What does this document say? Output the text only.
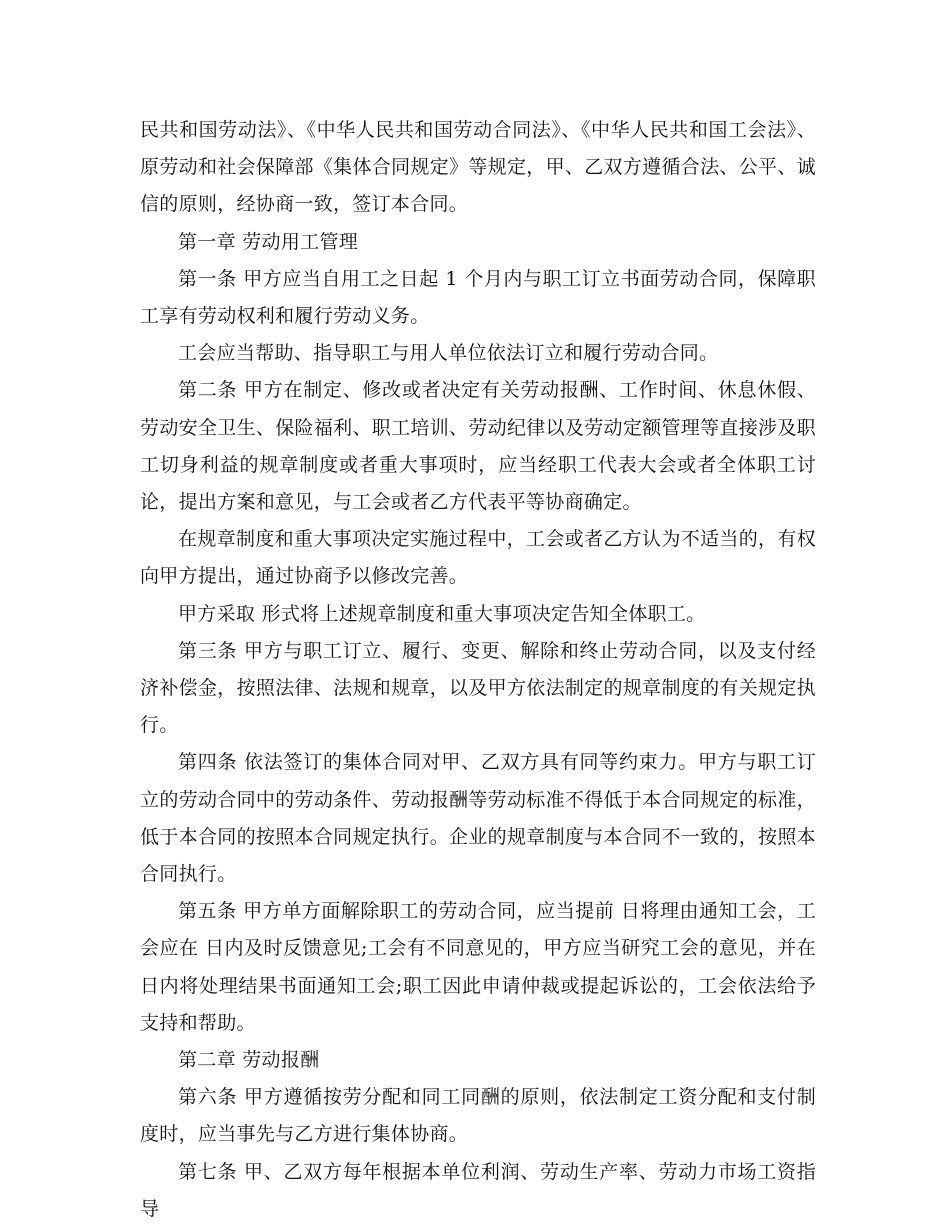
民共和国劳动法》、《中华人民共和国劳动合同法》、《中华人民共和国工会法》、原劳动和社会保障部《集体合同规定》等规定，甲、乙双方遵循合法、公平、诚信的原则，经协商一致，签订本合同。

第一章 劳动用工管理

第一条 甲方应当自用工之日起 1 个月内与职工订立书面劳动合同，保障职工享有劳动权利和履行劳动义务。

工会应当帮助、指导职工与用人单位依法订立和履行劳动合同。

第二条 甲方在制定、修改或者决定有关劳动报酬、工作时间、休息休假、劳动安全卫生、保险福利、职工培训、劳动纪律以及劳动定额管理等直接涉及职工切身利益的规章制度或者重大事项时，应当经职工代表大会或者全体职工讨论，提出方案和意见，与工会或者乙方代表平等协商确定。

在规章制度和重大事项决定实施过程中，工会或者乙方认为不适当的，有权向甲方提出，通过协商予以修改完善。

甲方采取 形式将上述规章制度和重大事项决定告知全体职工。

第三条 甲方与职工订立、履行、变更、解除和终止劳动合同，以及支付经济补偿金，按照法律、法规和规章，以及甲方依法制定的规章制度的有关规定执行。

第四条 依法签订的集体合同对甲、乙双方具有同等约束力。甲方与职工订立的劳动合同中的劳动条件、劳动报酬等劳动标准不得低于本合同规定的标准，低于本合同的按照本合同规定执行。企业的规章制度与本合同不一致的，按照本合同执行。

第五条 甲方单方面解除职工的劳动合同，应当提前 日将理由通知工会，工会应在 日内及时反馈意见;工会有不同意见的，甲方应当研究工会的意见，并在 日内将处理结果书面通知工会;职工因此申请仲裁或提起诉讼的，工会依法给予支持和帮助。

第二章 劳动报酬

第六条 甲方遵循按劳分配和同工同酬的原则，依法制定工资分配和支付制度时，应当事先与乙方进行集体协商。

第七条 甲、乙双方每年根据本单位利润、劳动生产率、劳动力市场工资指导
